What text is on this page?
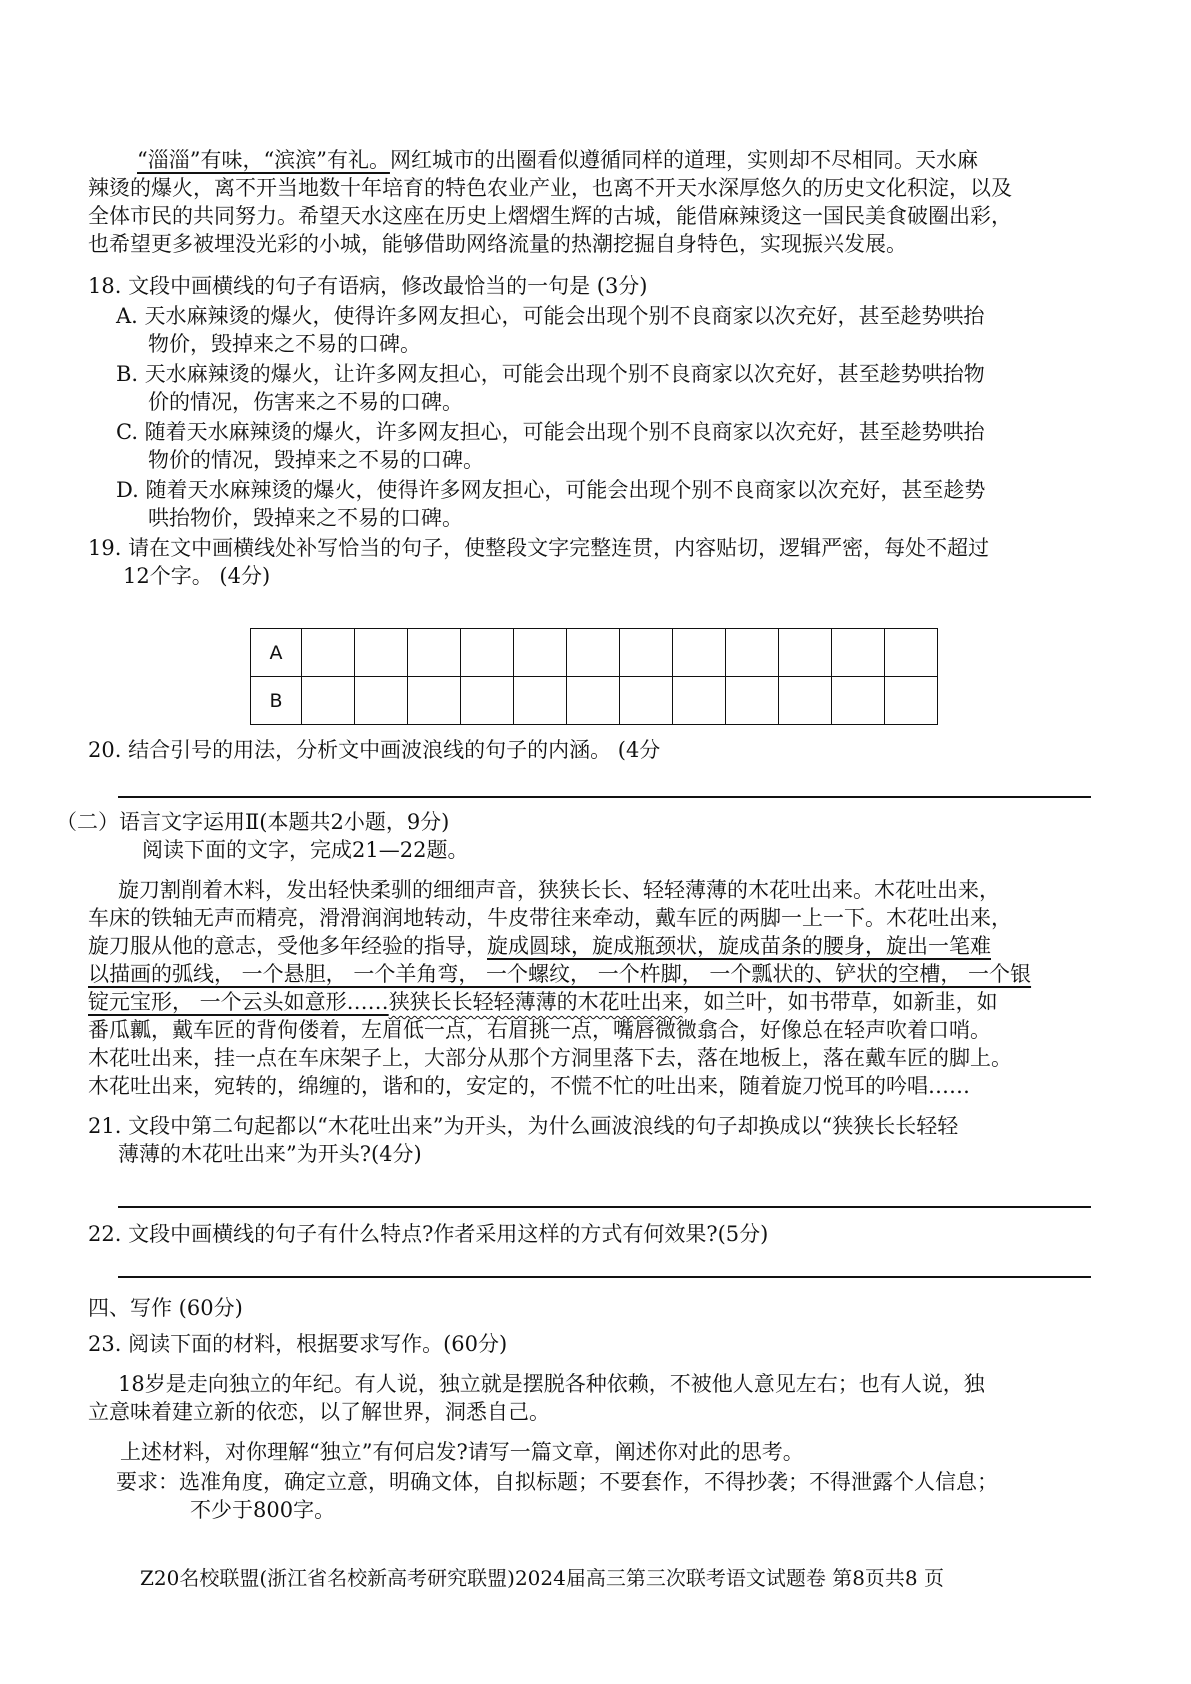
“淄淄”有味，“滨滨”有礼。网红城市的出圈看似遵循同样的道理，实则却不尽相同。天水麻
辣烫的爆火，离不开当地数十年培育的特色农业产业，也离不开天水深厚悠久的历史文化积淀，以及
全体市民的共同努力。希望天水这座在历史上熠熠生辉的古城，能借麻辣烫这一国民美食破圈出彩，
也希望更多被埋没光彩的小城，能够借助网络流量的热潮挖掘自身特色，实现振兴发展。
18. 文段中画横线的句子有语病，修改最恰当的一句是 (3分)
A. 天水麻辣烫的爆火，使得许多网友担心，可能会出现个别不良商家以次充好，甚至趁势哄抬
物价，毁掉来之不易的口碑。
B. 天水麻辣烫的爆火，让许多网友担心，可能会出现个别不良商家以次充好，甚至趁势哄抬物
价的情况，伤害来之不易的口碑。
C. 随着天水麻辣烫的爆火，许多网友担心，可能会出现个别不良商家以次充好，甚至趁势哄抬
物价的情况，毁掉来之不易的口碑。
D. 随着天水麻辣烫的爆火，使得许多网友担心，可能会出现个别不良商家以次充好，甚至趁势
哄抬物价，毁掉来之不易的口碑。
19. 请在文中画横线处补写恰当的句子，使整段文字完整连贯，内容贴切，逻辑严密，每处不超过
12个字。 (4分)
A												
B												
20. 结合引号的用法，分析文中画波浪线的句子的内涵。 (4分
（二）语言文字运用Ⅱ(本题共2小题，9分)
阅读下面的文字，完成21—22题。
旋刀割削着木料，发出轻快柔驯的细细声音，狭狭长长、轻轻薄薄的木花吐出来。木花吐出来，
车床的铁轴无声而精亮，滑滑润润地转动，牛皮带往来牵动，戴车匠的两脚一上一下。木花吐出来，
旋刀服从他的意志，受他多年经验的指导，旋成圆球，旋成瓶颈状，旋成苗条的腰身，旋出一笔难
以描画的弧线， 一个悬胆， 一个羊角弯， 一个螺纹， 一个杵脚， 一个瓢状的、铲状的空槽， 一个银
锭元宝形， 一个云头如意形……狭狭长长轻轻薄薄的木花吐出来，如兰叶，如书带草，如新韭，如
番瓜瓤，戴车匠的背佝偻着，左眉低一点，右眉挑一点，嘴唇微微翕合，好像总在轻声吹着口哨。
木花吐出来，挂一点在车床架子上，大部分从那个方洞里落下去，落在地板上，落在戴车匠的脚上。
木花吐出来，宛转的，绵缠的，谐和的，安定的，不慌不忙的吐出来，随着旋刀悦耳的吟唱……
21. 文段中第二句起都以“木花吐出来”为开头，为什么画波浪线的句子却换成以“狭狭长长轻轻
薄薄的木花吐出来”为开头?(4分)
22. 文段中画横线的句子有什么特点?作者采用这样的方式有何效果?(5分)
四、写作 (60分)
23. 阅读下面的材料，根据要求写作。(60分)
18岁是走向独立的年纪。有人说，独立就是摆脱各种依赖，不被他人意见左右；也有人说，独
立意味着建立新的依恋，以了解世界，洞悉自己。
上述材料，对你理解“独立”有何启发?请写一篇文章，阐述你对此的思考。
要求：选准角度，确定立意，明确文体，自拟标题；不要套作，不得抄袭；不得泄露个人信息；
不少于800字。
Z20名校联盟(浙江省名校新高考研究联盟)2024届高三第三次联考语文试题卷 第8页共8 页
